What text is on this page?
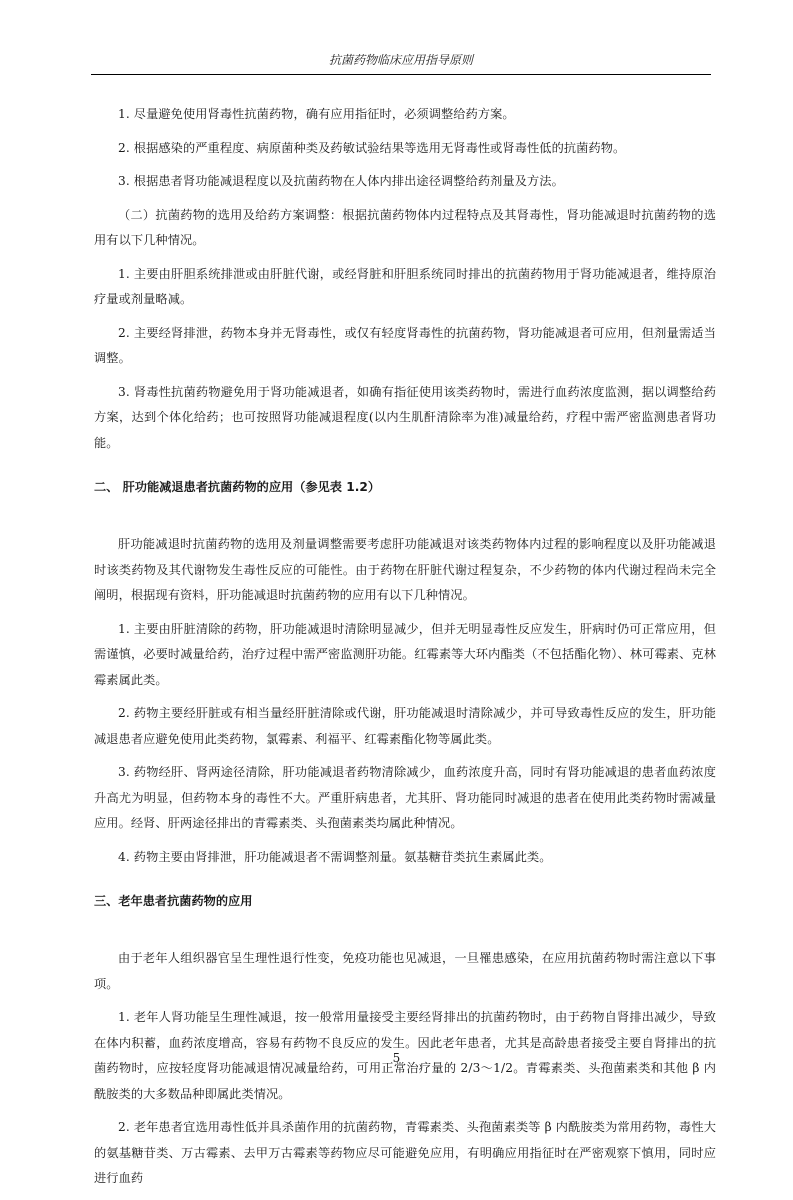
抗菌药物临床应用指导原则

1. 尽量避免使用肾毒性抗菌药物，确有应用指征时，必须调整给药方案。

2. 根据感染的严重程度、病原菌种类及药敏试验结果等选用无肾毒性或肾毒性低的抗菌药物。

3. 根据患者肾功能减退程度以及抗菌药物在人体内排出途径调整给药剂量及方法。

（二）抗菌药物的选用及给药方案调整：根据抗菌药物体内过程特点及其肾毒性，肾功能减退时抗菌药物的选用有以下几种情况。

1. 主要由肝胆系统排泄或由肝脏代谢，或经肾脏和肝胆系统同时排出的抗菌药物用于肾功能减退者，维持原治疗量或剂量略减。

2. 主要经肾排泄，药物本身并无肾毒性，或仅有轻度肾毒性的抗菌药物，肾功能减退者可应用，但剂量需适当调整。

3. 肾毒性抗菌药物避免用于肾功能减退者，如确有指征使用该类药物时，需进行血药浓度监测，据以调整给药方案，达到个体化给药；也可按照肾功能减退程度(以内生肌酐清除率为准)减量给药，疗程中需严密监测患者肾功能。

二、 肝功能减退患者抗菌药物的应用（参见表 1.2）

肝功能减退时抗菌药物的选用及剂量调整需要考虑肝功能减退对该类药物体内过程的影响程度以及肝功能减退时该类药物及其代谢物发生毒性反应的可能性。由于药物在肝脏代谢过程复杂，不少药物的体内代谢过程尚未完全阐明，根据现有资料，肝功能减退时抗菌药物的应用有以下几种情况。

1. 主要由肝脏清除的药物，肝功能减退时清除明显减少，但并无明显毒性反应发生，肝病时仍可正常应用，但需谨慎，必要时减量给药，治疗过程中需严密监测肝功能。红霉素等大环内酯类（不包括酯化物）、林可霉素、克林霉素属此类。

2. 药物主要经肝脏或有相当量经肝脏清除或代谢，肝功能减退时清除减少，并可导致毒性反应的发生，肝功能减退患者应避免使用此类药物，氯霉素、利福平、红霉素酯化物等属此类。

3. 药物经肝、肾两途径清除，肝功能减退者药物清除减少，血药浓度升高，同时有肾功能减退的患者血药浓度升高尤为明显，但药物本身的毒性不大。严重肝病患者，尤其肝、肾功能同时减退的患者在使用此类药物时需减量应用。经肾、肝两途径排出的青霉素类、头孢菌素类均属此种情况。

4. 药物主要由肾排泄，肝功能减退者不需调整剂量。氨基糖苷类抗生素属此类。

三、老年患者抗菌药物的应用

由于老年人组织器官呈生理性退行性变，免疫功能也见减退，一旦罹患感染，在应用抗菌药物时需注意以下事项。

1. 老年人肾功能呈生理性减退，按一般常用量接受主要经肾排出的抗菌药物时，由于药物自肾排出减少，导致在体内积蓄，血药浓度增高，容易有药物不良反应的发生。因此老年患者，尤其是高龄患者接受主要自肾排出的抗菌药物时，应按轻度肾功能减退情况减量给药，可用正常治疗量的 2/3～1/2。青霉素类、头孢菌素类和其他 β 内酰胺类的大多数品种即属此类情况。

2. 老年患者宜选用毒性低并具杀菌作用的抗菌药物，青霉素类、头孢菌素类等 β 内酰胺类为常用药物，毒性大的氨基糖苷类、万古霉素、去甲万古霉素等药物应尽可能避免应用，有明确应用指征时在严密观察下慎用，同时应进行血药

5
